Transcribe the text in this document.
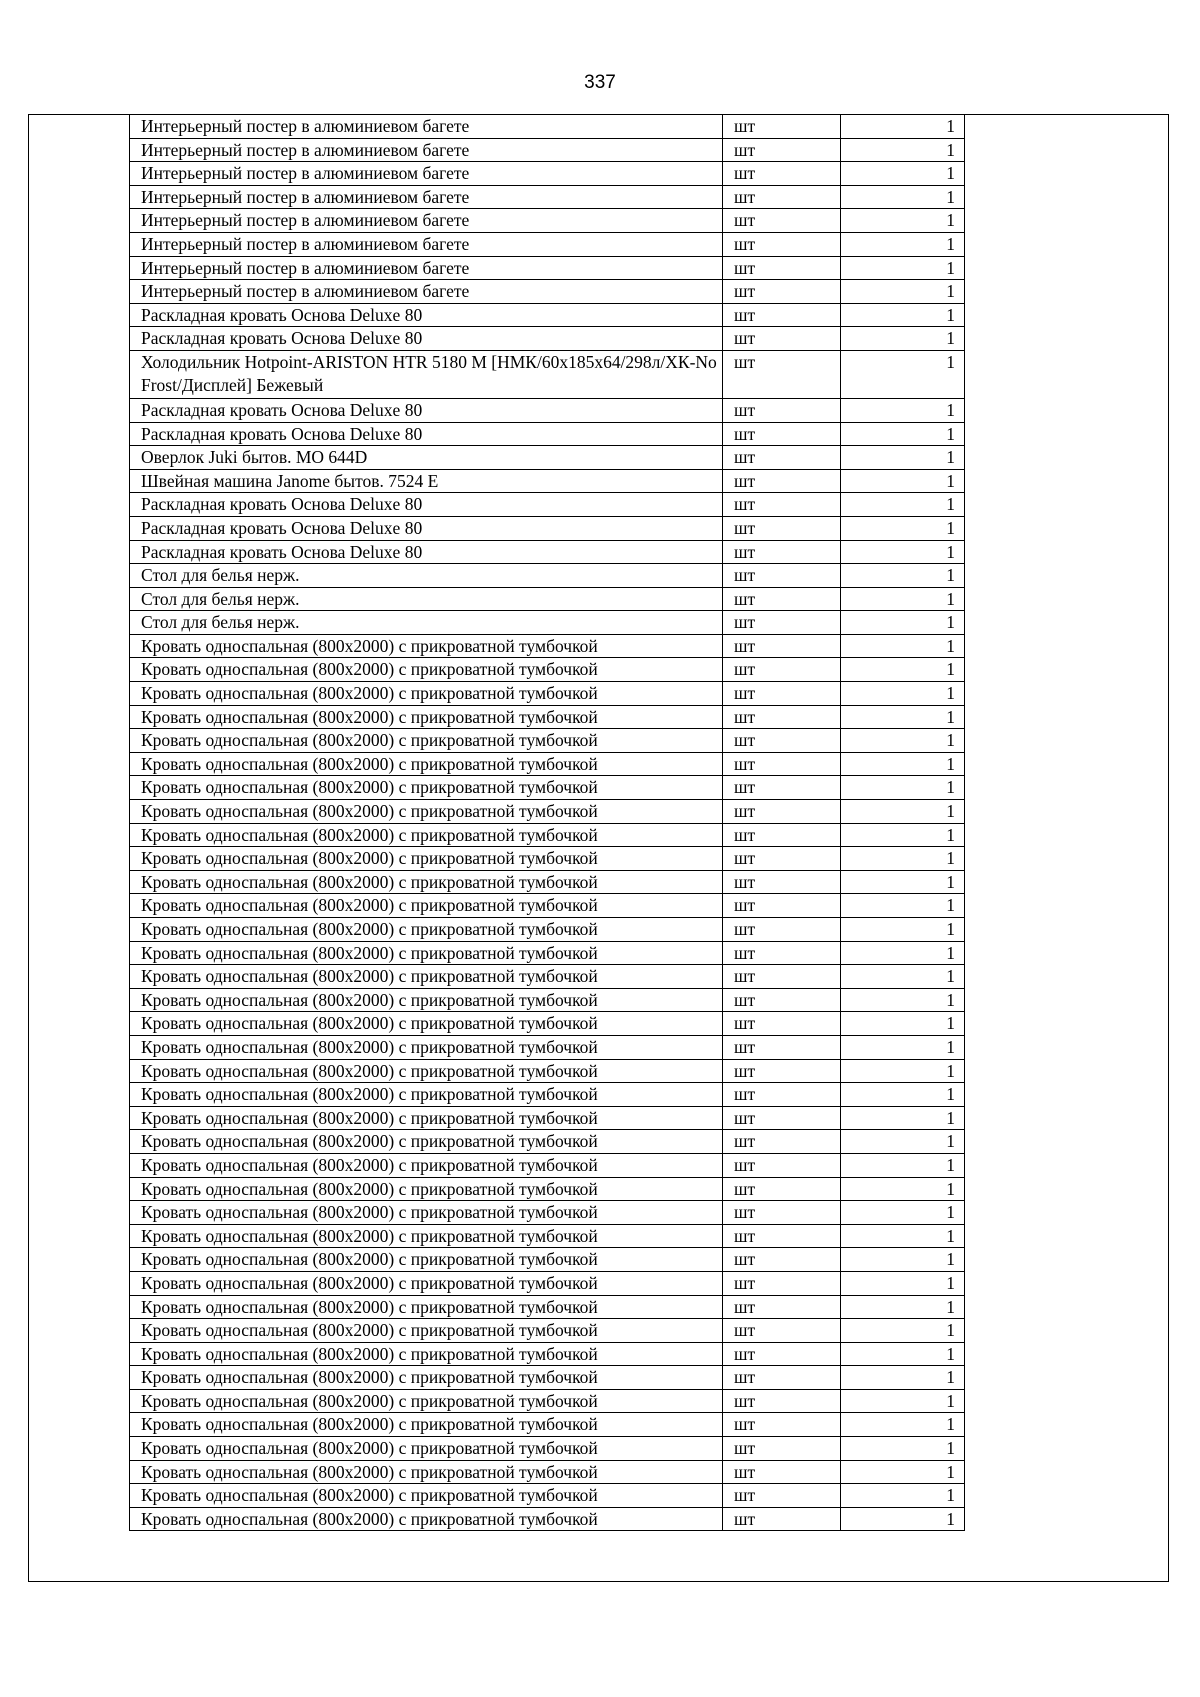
337
Интерьерный постер в алюминиевом багете	шт	1
Интерьерный постер в алюминиевом багете	шт	1
Интерьерный постер в алюминиевом багете	шт	1
Интерьерный постер в алюминиевом багете	шт	1
Интерьерный постер в алюминиевом багете	шт	1
Интерьерный постер в алюминиевом багете	шт	1
Интерьерный постер в алюминиевом багете	шт	1
Интерьерный постер в алюминиевом багете	шт	1
Раскладная кровать Основа Deluxe 80	шт	1
Раскладная кровать Основа Deluxe 80	шт	1
Холодильник Hotpoint-ARISTON HTR 5180 M [НМК/60x185x64/298л/ХК-No Frost/Дисплей] Бежевый	шт	1
Раскладная кровать Основа Deluxe 80	шт	1
Раскладная кровать Основа Deluxe 80	шт	1
Оверлок Juki бытов. MO 644D	шт	1
Швейная машина Janome бытов. 7524 E	шт	1
Раскладная кровать Основа Deluxe 80	шт	1
Раскладная кровать Основа Deluxe 80	шт	1
Раскладная кровать Основа Deluxe 80	шт	1
Стол для белья нерж.	шт	1
Стол для белья нерж.	шт	1
Стол для белья нерж.	шт	1
Кровать односпальная (800x2000) с прикроватной тумбочкой	шт	1
Кровать односпальная (800x2000) с прикроватной тумбочкой	шт	1
Кровать односпальная (800x2000) с прикроватной тумбочкой	шт	1
Кровать односпальная (800x2000) с прикроватной тумбочкой	шт	1
Кровать односпальная (800x2000) с прикроватной тумбочкой	шт	1
Кровать односпальная (800x2000) с прикроватной тумбочкой	шт	1
Кровать односпальная (800x2000) с прикроватной тумбочкой	шт	1
Кровать односпальная (800x2000) с прикроватной тумбочкой	шт	1
Кровать односпальная (800x2000) с прикроватной тумбочкой	шт	1
Кровать односпальная (800x2000) с прикроватной тумбочкой	шт	1
Кровать односпальная (800x2000) с прикроватной тумбочкой	шт	1
Кровать односпальная (800x2000) с прикроватной тумбочкой	шт	1
Кровать односпальная (800x2000) с прикроватной тумбочкой	шт	1
Кровать односпальная (800x2000) с прикроватной тумбочкой	шт	1
Кровать односпальная (800x2000) с прикроватной тумбочкой	шт	1
Кровать односпальная (800x2000) с прикроватной тумбочкой	шт	1
Кровать односпальная (800x2000) с прикроватной тумбочкой	шт	1
Кровать односпальная (800x2000) с прикроватной тумбочкой	шт	1
Кровать односпальная (800x2000) с прикроватной тумбочкой	шт	1
Кровать односпальная (800x2000) с прикроватной тумбочкой	шт	1
Кровать односпальная (800x2000) с прикроватной тумбочкой	шт	1
Кровать односпальная (800x2000) с прикроватной тумбочкой	шт	1
Кровать односпальная (800x2000) с прикроватной тумбочкой	шт	1
Кровать односпальная (800x2000) с прикроватной тумбочкой	шт	1
Кровать односпальная (800x2000) с прикроватной тумбочкой	шт	1
Кровать односпальная (800x2000) с прикроватной тумбочкой	шт	1
Кровать односпальная (800x2000) с прикроватной тумбочкой	шт	1
Кровать односпальная (800x2000) с прикроватной тумбочкой	шт	1
Кровать односпальная (800x2000) с прикроватной тумбочкой	шт	1
Кровать односпальная (800x2000) с прикроватной тумбочкой	шт	1
Кровать односпальная (800x2000) с прикроватной тумбочкой	шт	1
Кровать односпальная (800x2000) с прикроватной тумбочкой	шт	1
Кровать односпальная (800x2000) с прикроватной тумбочкой	шт	1
Кровать односпальная (800x2000) с прикроватной тумбочкой	шт	1
Кровать односпальная (800x2000) с прикроватной тумбочкой	шт	1
Кровать односпальная (800x2000) с прикроватной тумбочкой	шт	1
Кровать односпальная (800x2000) с прикроватной тумбочкой	шт	1
Кровать односпальная (800x2000) с прикроватной тумбочкой	шт	1
